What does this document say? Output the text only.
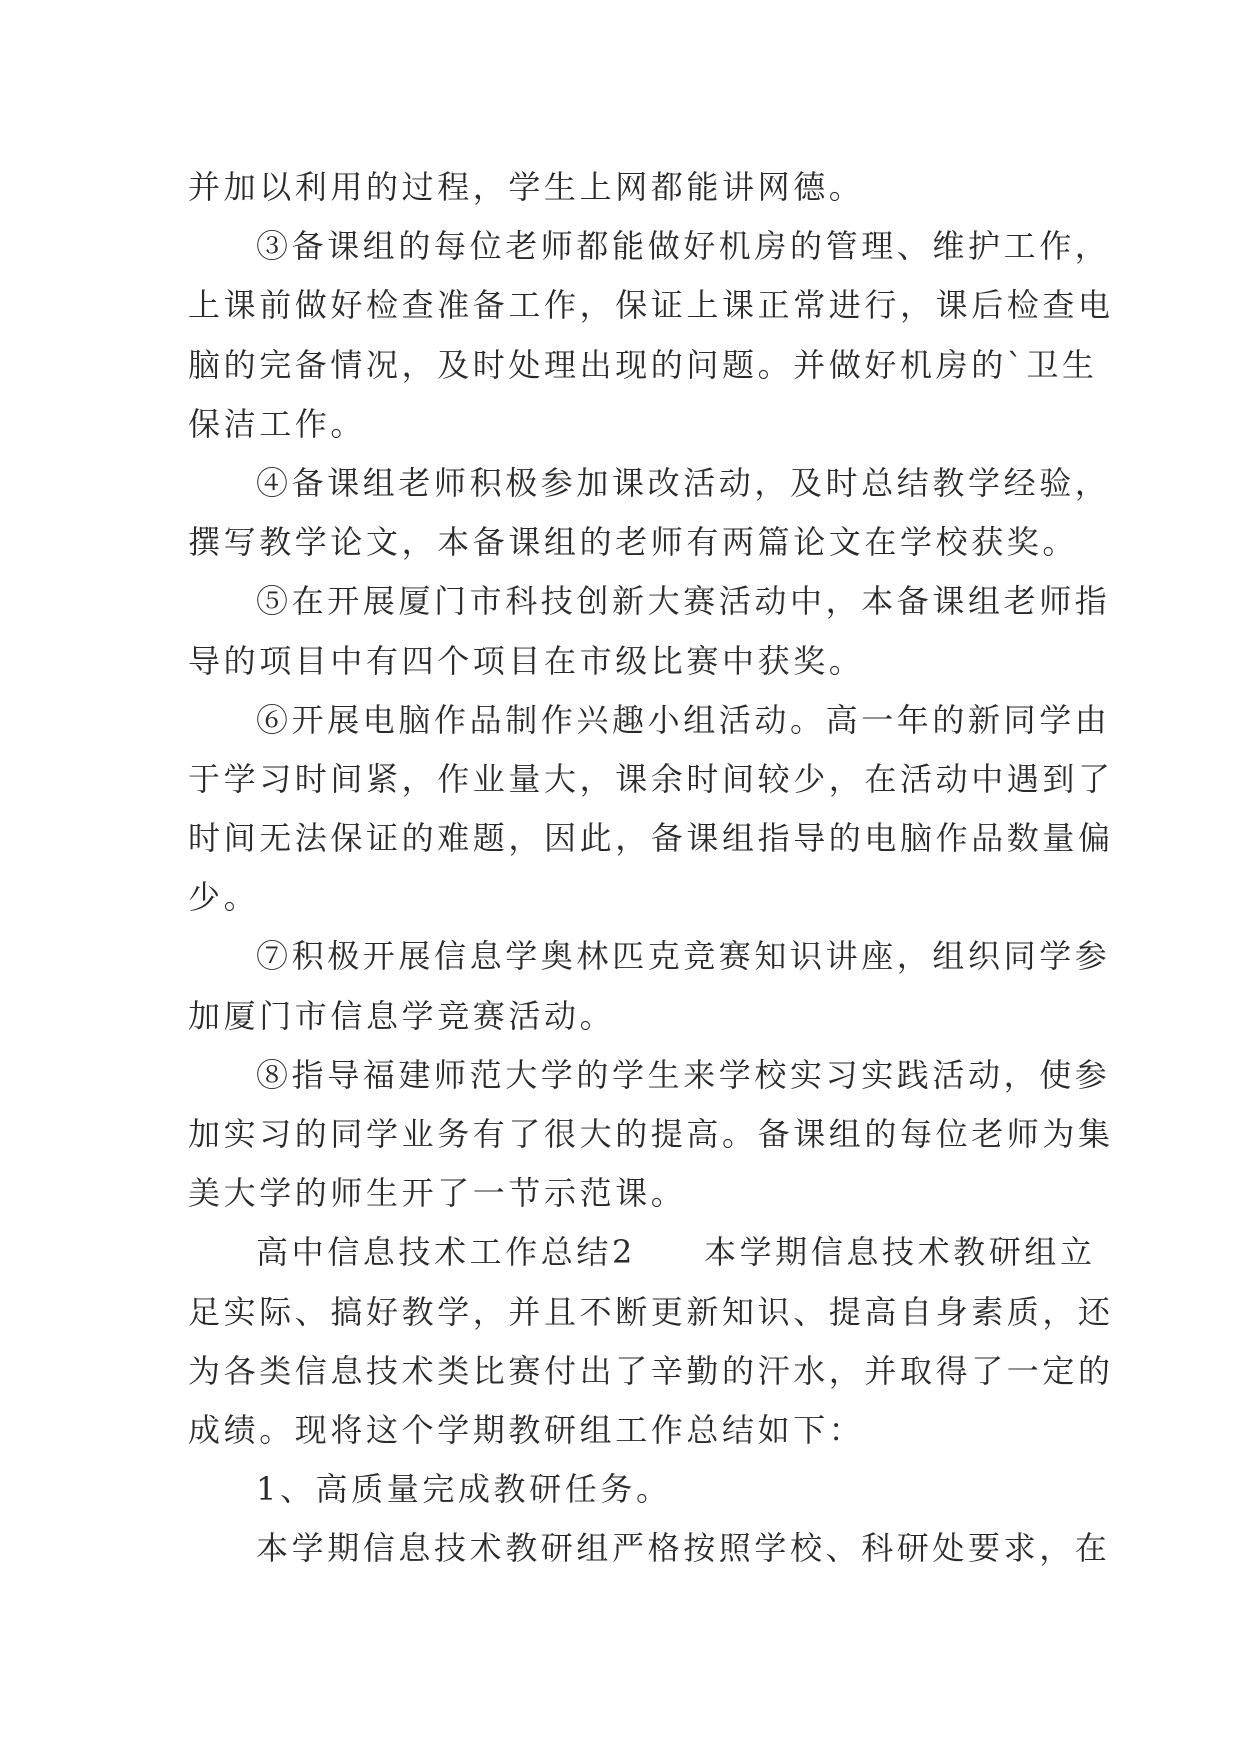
并加以利用的过程，学生上网都能讲网德。
③备课组的每位老师都能做好机房的管理、维护工作，
上课前做好检查准备工作，保证上课正常进行，课后检查电
脑的完备情况，及时处理出现的问题。并做好机房的`卫生
保洁工作。
④备课组老师积极参加课改活动，及时总结教学经验，
撰写教学论文，本备课组的老师有两篇论文在学校获奖。
⑤在开展厦门市科技创新大赛活动中，本备课组老师指
导的项目中有四个项目在市级比赛中获奖。
⑥开展电脑作品制作兴趣小组活动。高一年的新同学由
于学习时间紧，作业量大，课余时间较少，在活动中遇到了
时间无法保证的难题，因此，备课组指导的电脑作品数量偏
少。
⑦积极开展信息学奥林匹克竞赛知识讲座，组织同学参
加厦门市信息学竞赛活动。
⑧指导福建师范大学的学生来学校实习实践活动，使参
加实习的同学业务有了很大的提高。备课组的每位老师为集
美大学的师生开了一节示范课。
高中信息技术工作总结2 本学期信息技术教研组立
足实际、搞好教学，并且不断更新知识、提高自身素质，还
为各类信息技术类比赛付出了辛勤的汗水，并取得了一定的
成绩。现将这个学期教研组工作总结如下：
1、高质量完成教研任务。
本学期信息技术教研组严格按照学校、科研处要求，在
